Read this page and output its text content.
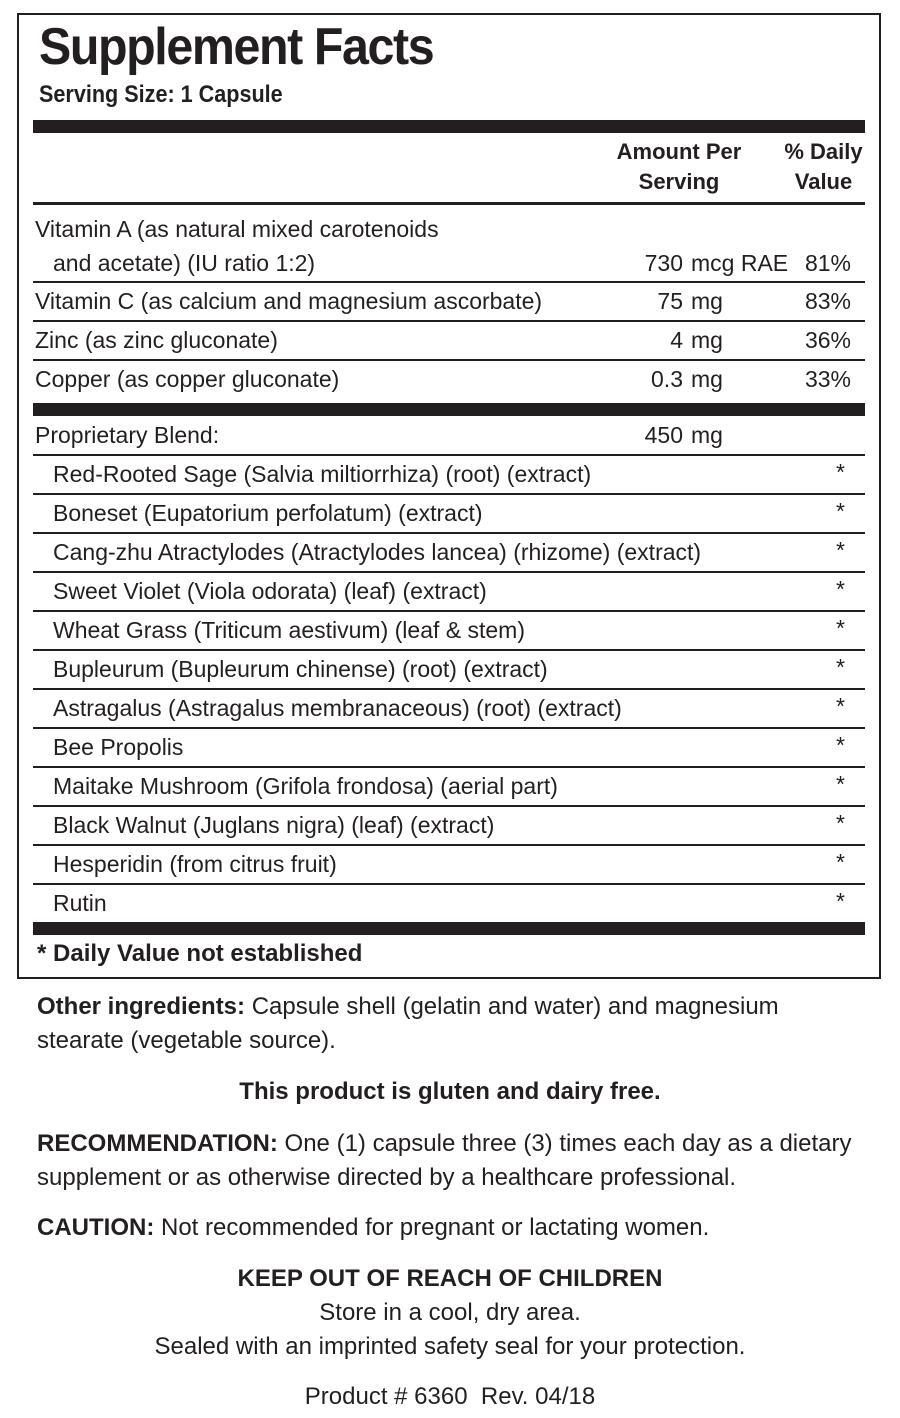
Supplement Facts
Serving Size: 1 Capsule
Amount Per
Serving
% Daily
Value
Vitamin A (as natural mixed carotenoids
and acetate) (IU ratio 1:2)	730 mcg RAE 81%
Vitamin C (as calcium and magnesium ascorbate)	75 mg	83%
Zinc (as zinc gluconate)	4 mg	36%
Copper (as copper gluconate)	0.3 mg	33%
Proprietary Blend:	450 mg
Red-Rooted Sage (Salvia miltiorrhiza) (root) (extract)	*
Boneset (Eupatorium perfolatum) (extract)	*
Cang-zhu Atractylodes (Atractylodes lancea) (rhizome) (extract)	*
Sweet Violet (Viola odorata) (leaf) (extract)	*
Wheat Grass (Triticum aestivum) (leaf & stem)	*
Bupleurum (Bupleurum chinense) (root) (extract)	*
Astragalus (Astragalus membranaceous) (root) (extract)	*
Bee Propolis	*
Maitake Mushroom (Grifola frondosa) (aerial part)	*
Black Walnut (Juglans nigra) (leaf) (extract)	*
Hesperidin (from citrus fruit)	*
Rutin	*
* Daily Value not established
Other ingredients: Capsule shell (gelatin and water) and magnesium stearate (vegetable source).
This product is gluten and dairy free.
RECOMMENDATION: One (1) capsule three (3) times each day as a dietary supplement or as otherwise directed by a healthcare professional.
CAUTION: Not recommended for pregnant or lactating women.
KEEP OUT OF REACH OF CHILDREN
Store in a cool, dry area.
Sealed with an imprinted safety seal for your protection.
Product # 6360  Rev. 04/18
